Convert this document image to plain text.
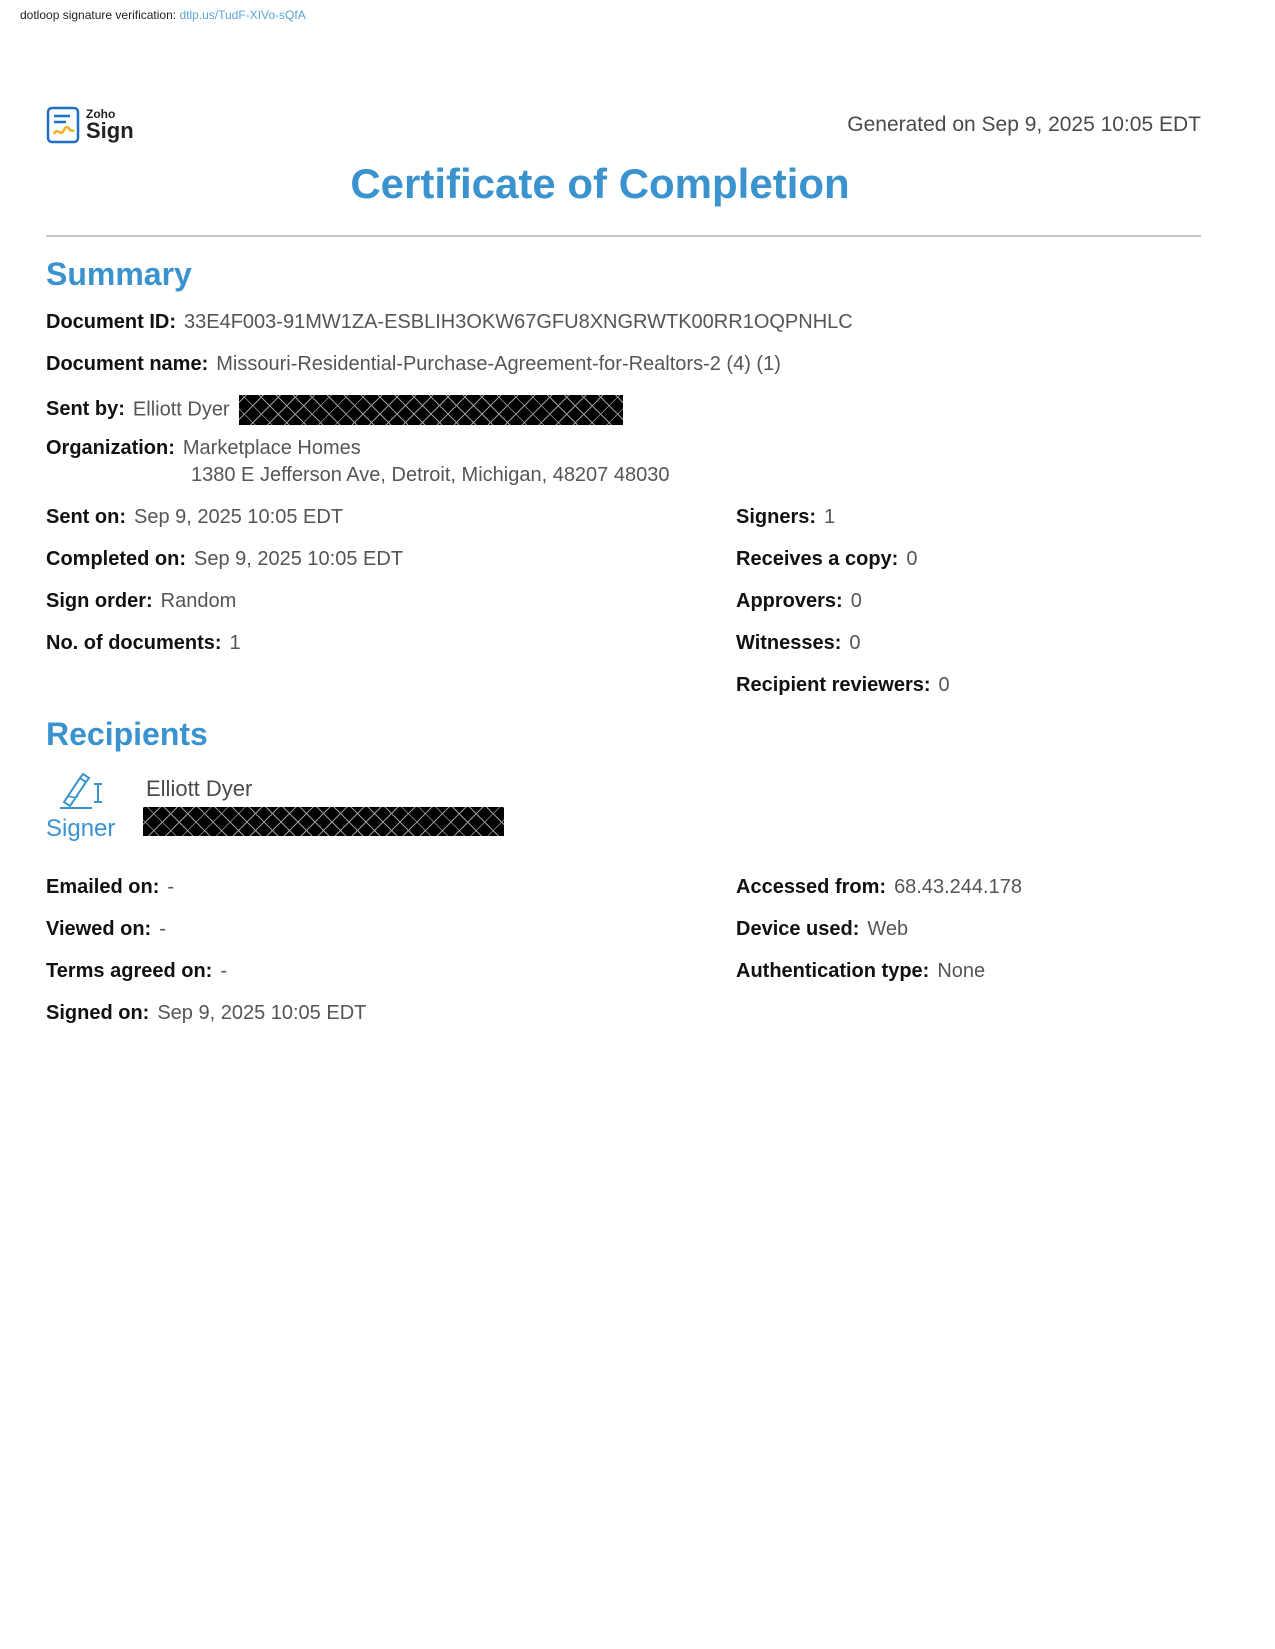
dotloop signature verification: dtlp.us/TudF-XIVo-sQfA
Zoho
Sign	Generated on Sep 9, 2025 10:05 EDT
Certificate of Completion
Summary
Document ID: 33E4F003-91MW1ZA-ESBLIH3OKW67GFU8XNGRWTK00RR1OQPNHLC
Document name: Missouri-Residential-Purchase-Agreement-for-Realtors-2 (4) (1)
Sent by: Elliott Dyer
Organization: Marketplace Homes
1380 E Jefferson Ave, Detroit, Michigan, 48207 48030
Sent on: Sep 9, 2025 10:05 EDT
Completed on: Sep 9, 2025 10:05 EDT
Sign order: Random
No. of documents: 1
Signers: 1
Receives a copy: 0
Approvers: 0
Witnesses: 0
Recipient reviewers: 0
Recipients
Signer
Elliott Dyer
Emailed on: -
Viewed on: -
Terms agreed on: -
Signed on: Sep 9, 2025 10:05 EDT
Accessed from: 68.43.244.178
Device used: Web
Authentication type: None
